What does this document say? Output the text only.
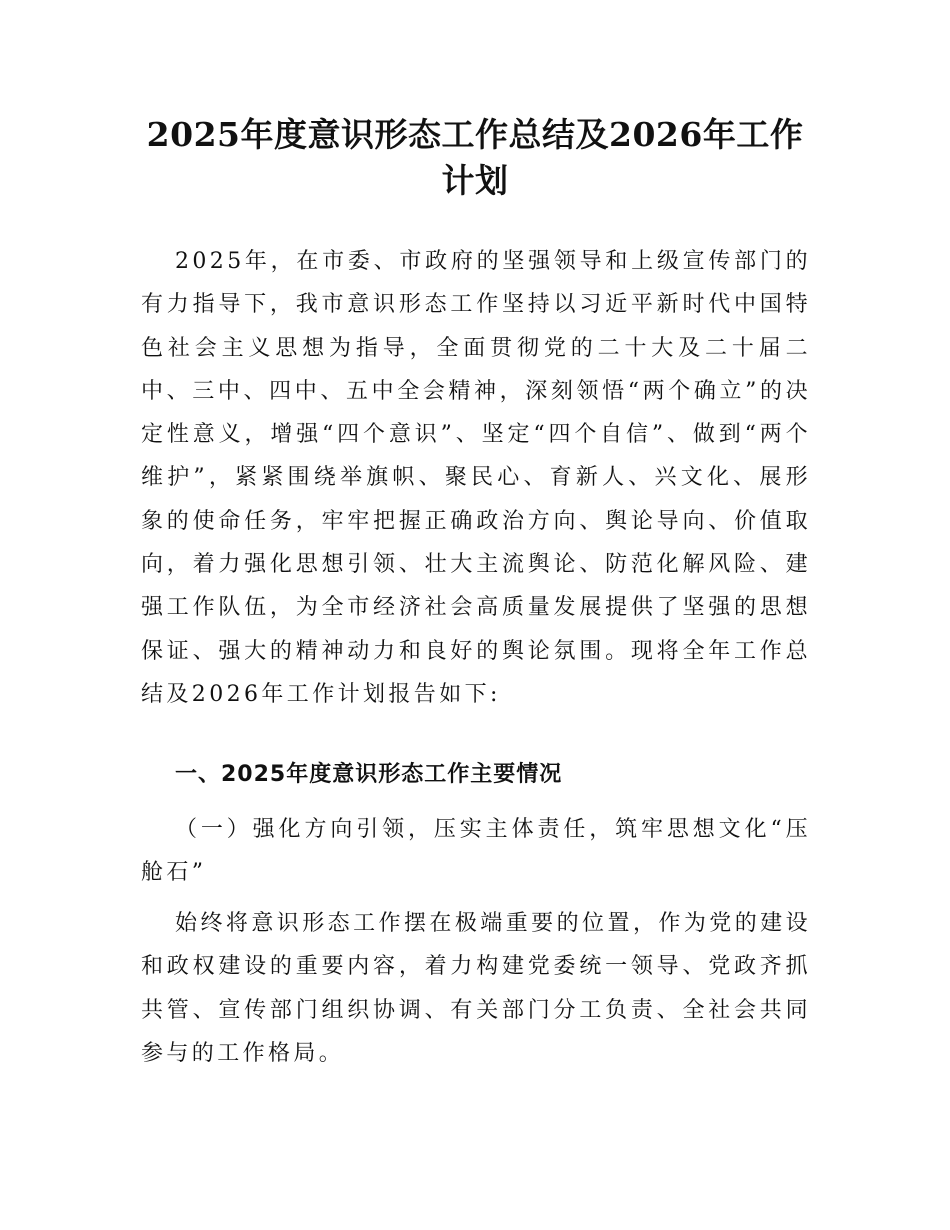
2025年度意识形态工作总结及2026年工作计划

2025年，在市委、市政府的坚强领导和上级宣传部门的有力指导下，我市意识形态工作坚持以习近平新时代中国特色社会主义思想为指导，全面贯彻党的二十大及二十届二中、三中、四中、五中全会精神，深刻领悟“两个确立”的决定性意义，增强“四个意识”、坚定“四个自信”、做到“两个维护”，紧紧围绕举旗帜、聚民心、育新人、兴文化、展形象的使命任务，牢牢把握正确政治方向、舆论导向、价值取向，着力强化思想引领、壮大主流舆论、防范化解风险、建强工作队伍，为全市经济社会高质量发展提供了坚强的思想保证、强大的精神动力和良好的舆论氛围。现将全年工作总结及2026年工作计划报告如下:

一、2025年度意识形态工作主要情况

（一）强化方向引领，压实主体责任，筑牢思想文化“压舱石”

始终将意识形态工作摆在极端重要的位置，作为党的建设和政权建设的重要内容，着力构建党委统一领导、党政齐抓共管、宣传部门组织协调、有关部门分工负责、全社会共同参与的工作格局。
